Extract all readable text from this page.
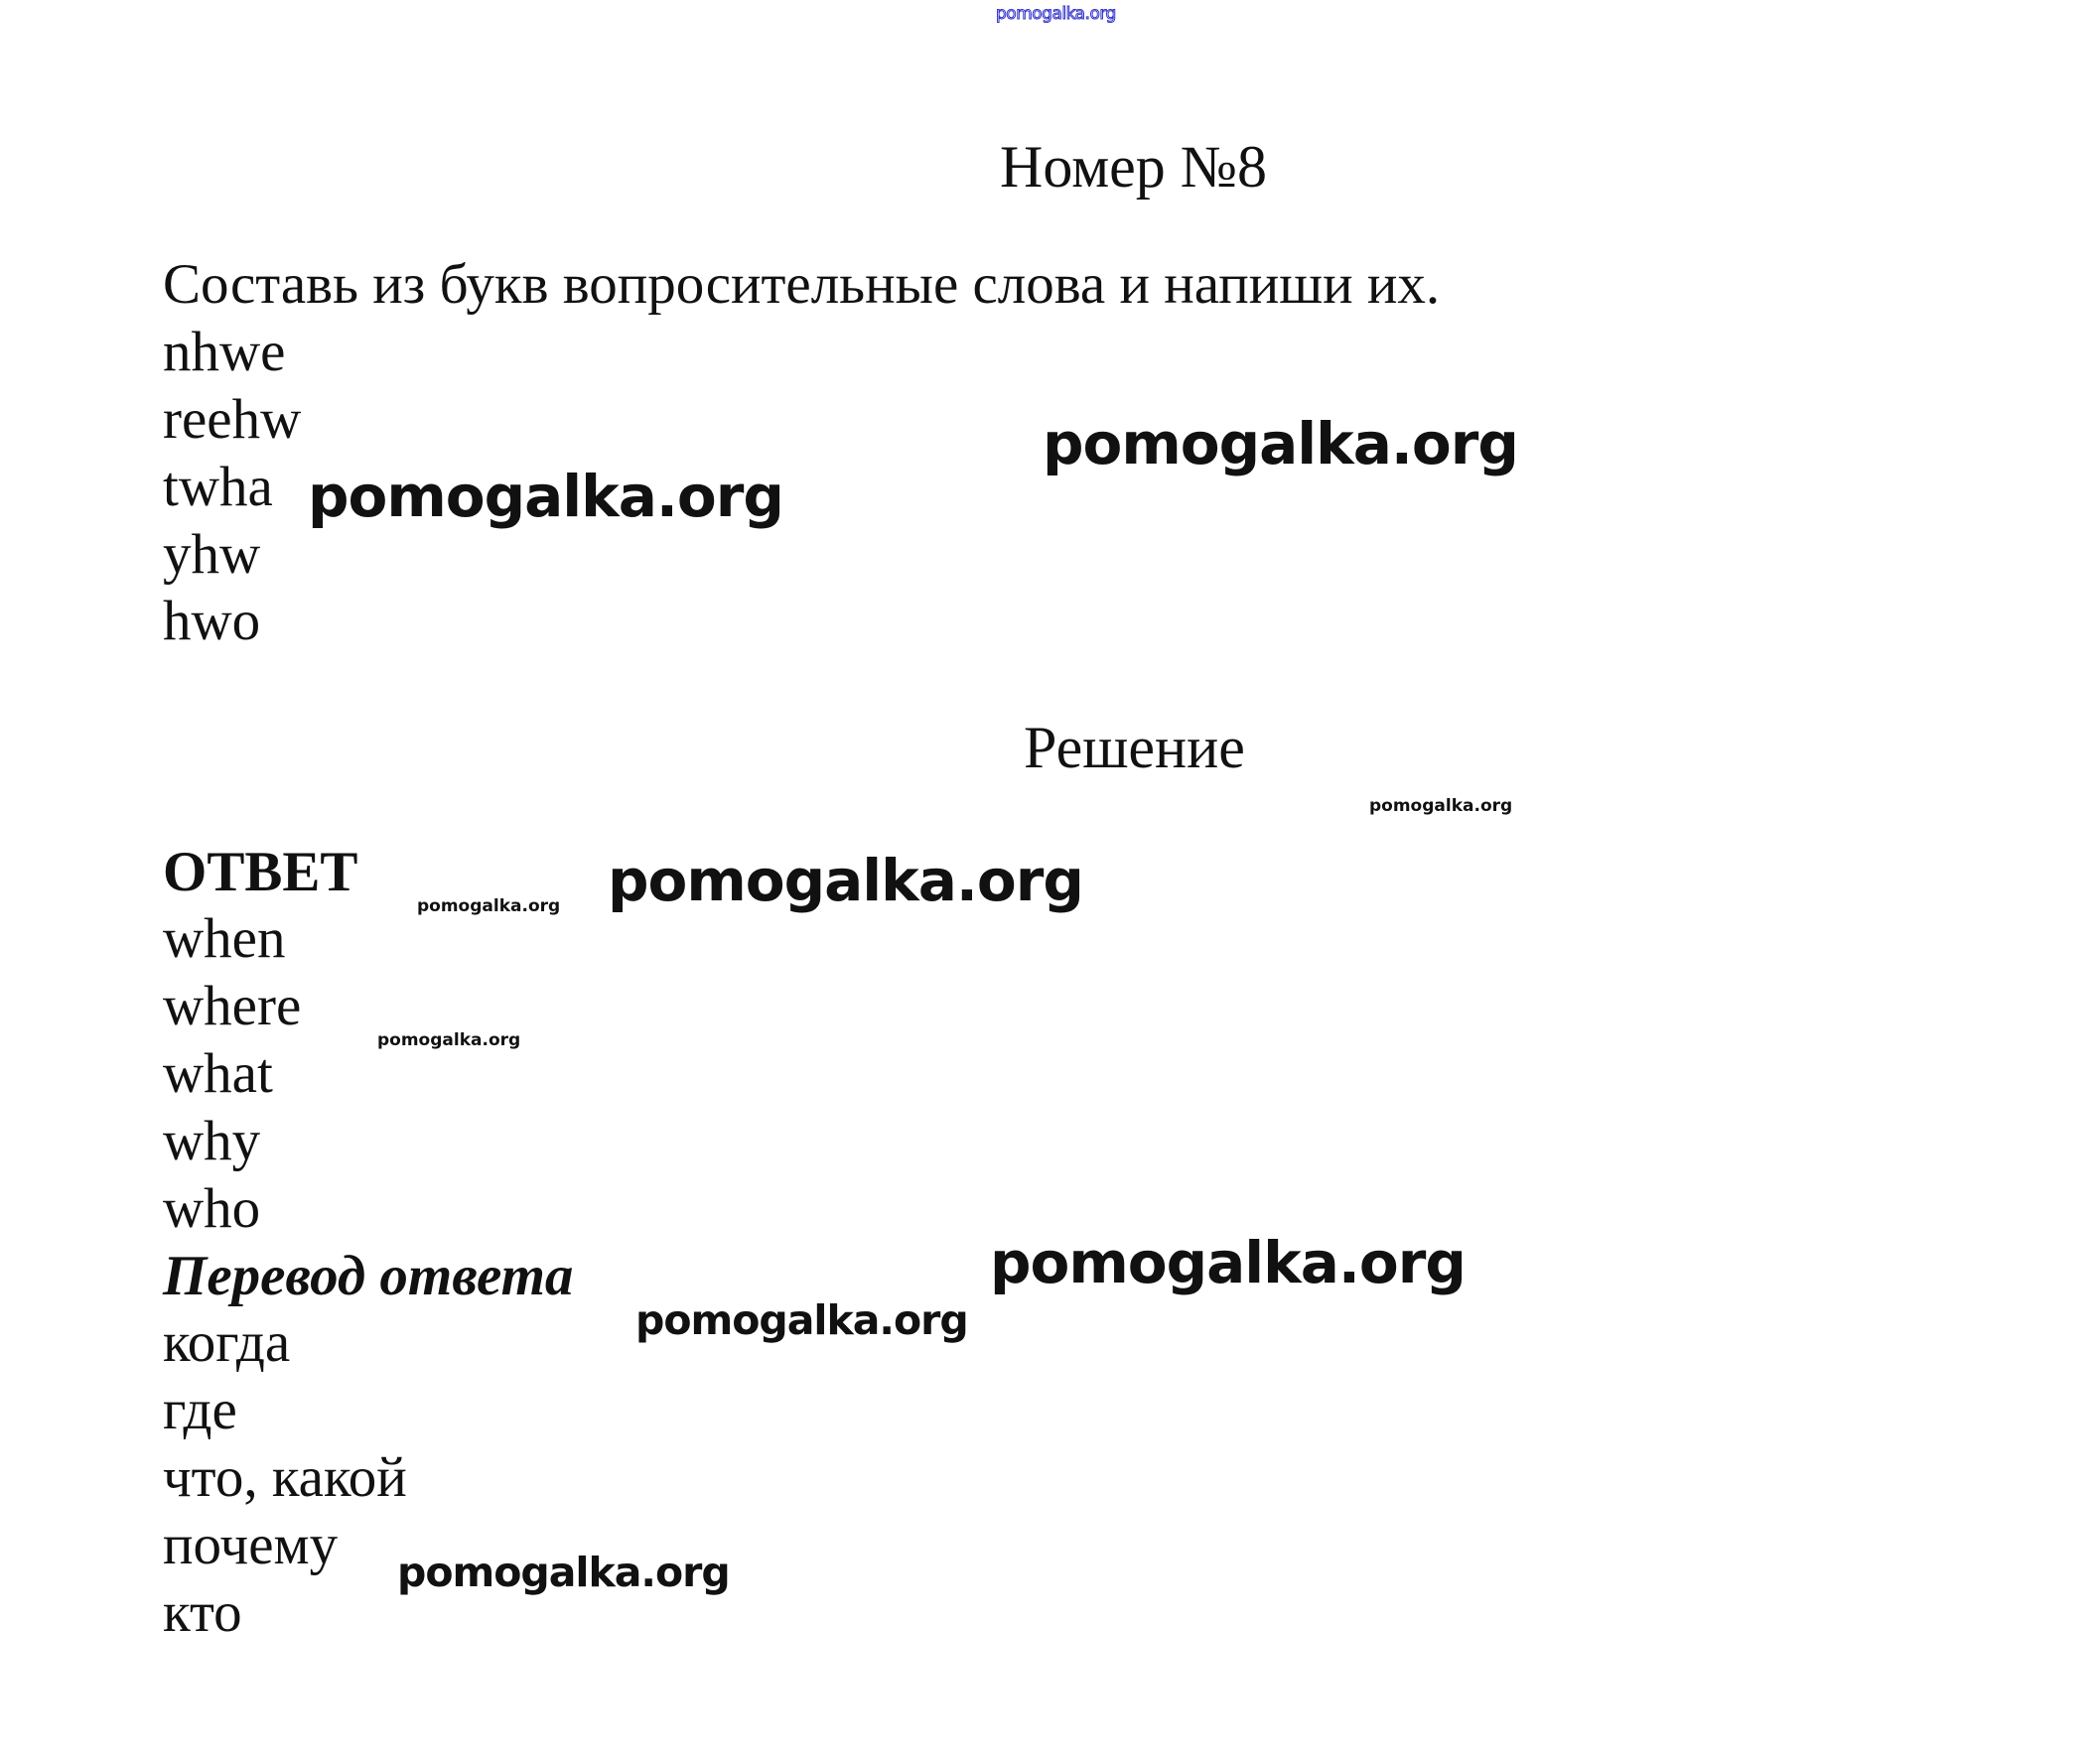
pomogalka.org
Номер №8
Составь из букв вопросительные слова и напиши их.
nhwe
reehw
twha
yhw
hwo
Решение
ОТВЕТ
when
where
what
why
who
Перевод ответа
когда
где
что, какой
почему
кто
pomogalka.org
pomogalka.org
pomogalka.org
pomogalka.org
pomogalka.org
pomogalka.org
pomogalka.org
pomogalka.org
pomogalka.org
